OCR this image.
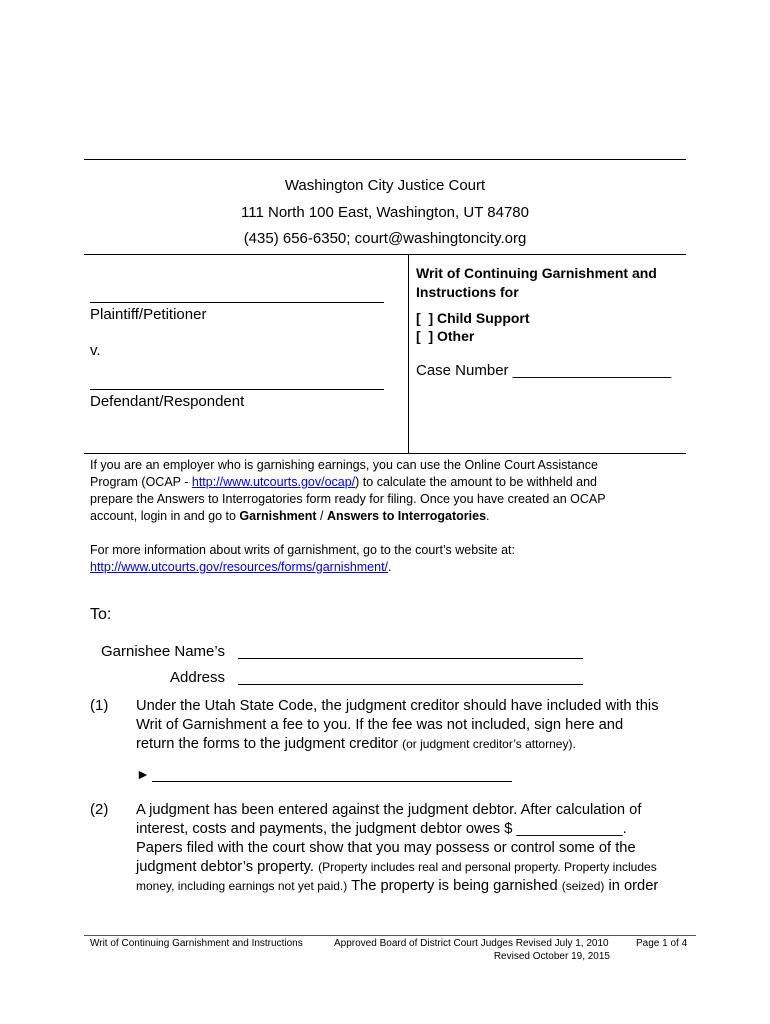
Washington City Justice Court
111 North 100 East, Washington, UT 84780
(435) 656-6350; court@washingtoncity.org
Plaintiff/Petitioner
v.
Defendant/Respondent
Writ of Continuing Garnishment and
Instructions for
[  ] Child Support
[  ] Other
Case Number ___________________
If you are an employer who is garnishing earnings, you can use the Online Court Assistance
Program (OCAP - http://www.utcourts.gov/ocap/) to calculate the amount to be withheld and
prepare the Answers to Interrogatories form ready for filing. Once you have created an OCAP
account, login in and go to Garnishment / Answers to Interrogatories.
For more information about writs of garnishment, go to the court’s website at:
http://www.utcourts.gov/resources/forms/garnishment/.
To:
Garnishee Name’s
Address
(1) Under the Utah State Code, the judgment creditor should have included with this
Writ of Garnishment a fee to you. If the fee was not included, sign here and
return the forms to the judgment creditor (or judgment creditor’s attorney).
►
(2) A judgment has been entered against the judgment debtor. After calculation of
interest, costs and payments, the judgment debtor owes $ _____________.
Papers filed with the court show that you may possess or control some of the
judgment debtor’s property. (Property includes real and personal property. Property includes
money, including earnings not yet paid.) The property is being garnished (seized) in order
Writ of Continuing Garnishment and Instructions	Approved Board of District Court Judges Revised July 1, 2010
Revised October 19, 2015
Page 1 of 4
